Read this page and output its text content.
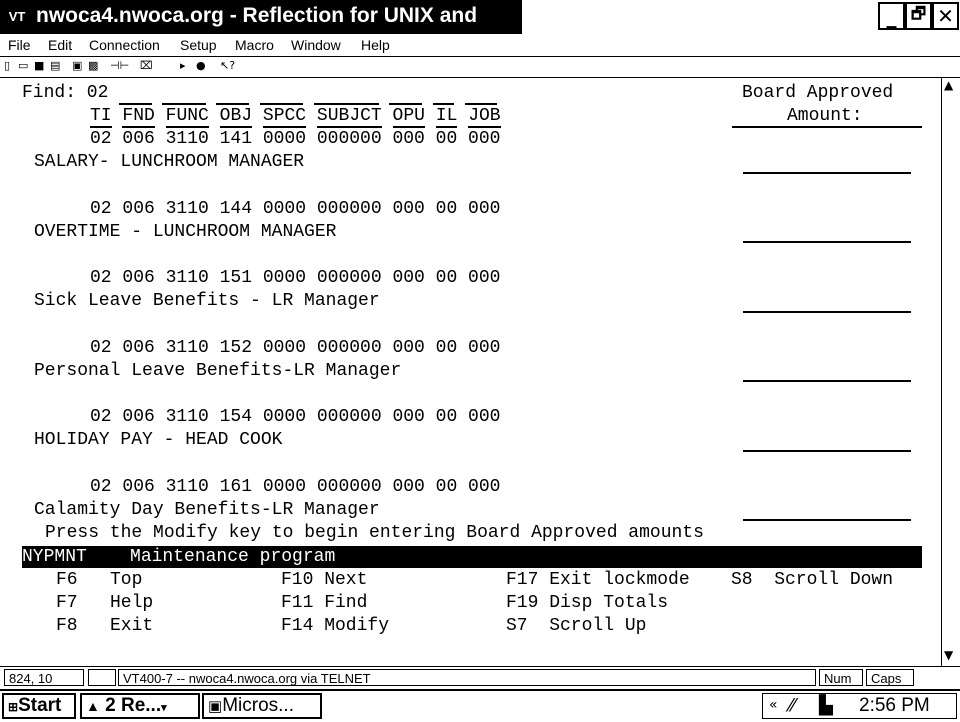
VT nwoca4.nwoca.org - Reflection for UNIX and	_ 🗗 ✕
File Edit Connection Setup Macro Window Help
▯ ▭ ■ ▤ ▣ ▩ ⊣⊢ ⌧ ▸ ● ↖?
Find: 02	Board Approved
TI FND FUNC OBJ SPCC SUBJCT OPU IL JOB	Amount:
02 006 3110 141 0000 000000 000 00 000
SALARY- LUNCHROOM MANAGER
02 006 3110 144 0000 000000 000 00 000
OVERTIME - LUNCHROOM MANAGER
02 006 3110 151 0000 000000 000 00 000
Sick Leave Benefits - LR Manager
02 006 3110 152 0000 000000 000 00 000
Personal Leave Benefits-LR Manager
02 006 3110 154 0000 000000 000 00 000
HOLIDAY PAY - HEAD COOK
02 006 3110 161 0000 000000 000 00 000
Calamity Day Benefits-LR Manager
Press the Modify key to begin entering Board Approved amounts
NYPMNT    Maintenance program
F6   Top	F10 Next	F17 Exit lockmode S8  Scroll Down
F7   Help	F11 Find	F19 Disp Totals
F8   Exit	F14 Modify	S7  Scroll Up
▲
▼
824, 10	VT400-7 -- nwoca4.nwoca.org via TELNET	Num	Caps
⊞Start	▲ 2 Re...▾	▣Micros...	« ⁄⁄ ▙ 2:56 PM
